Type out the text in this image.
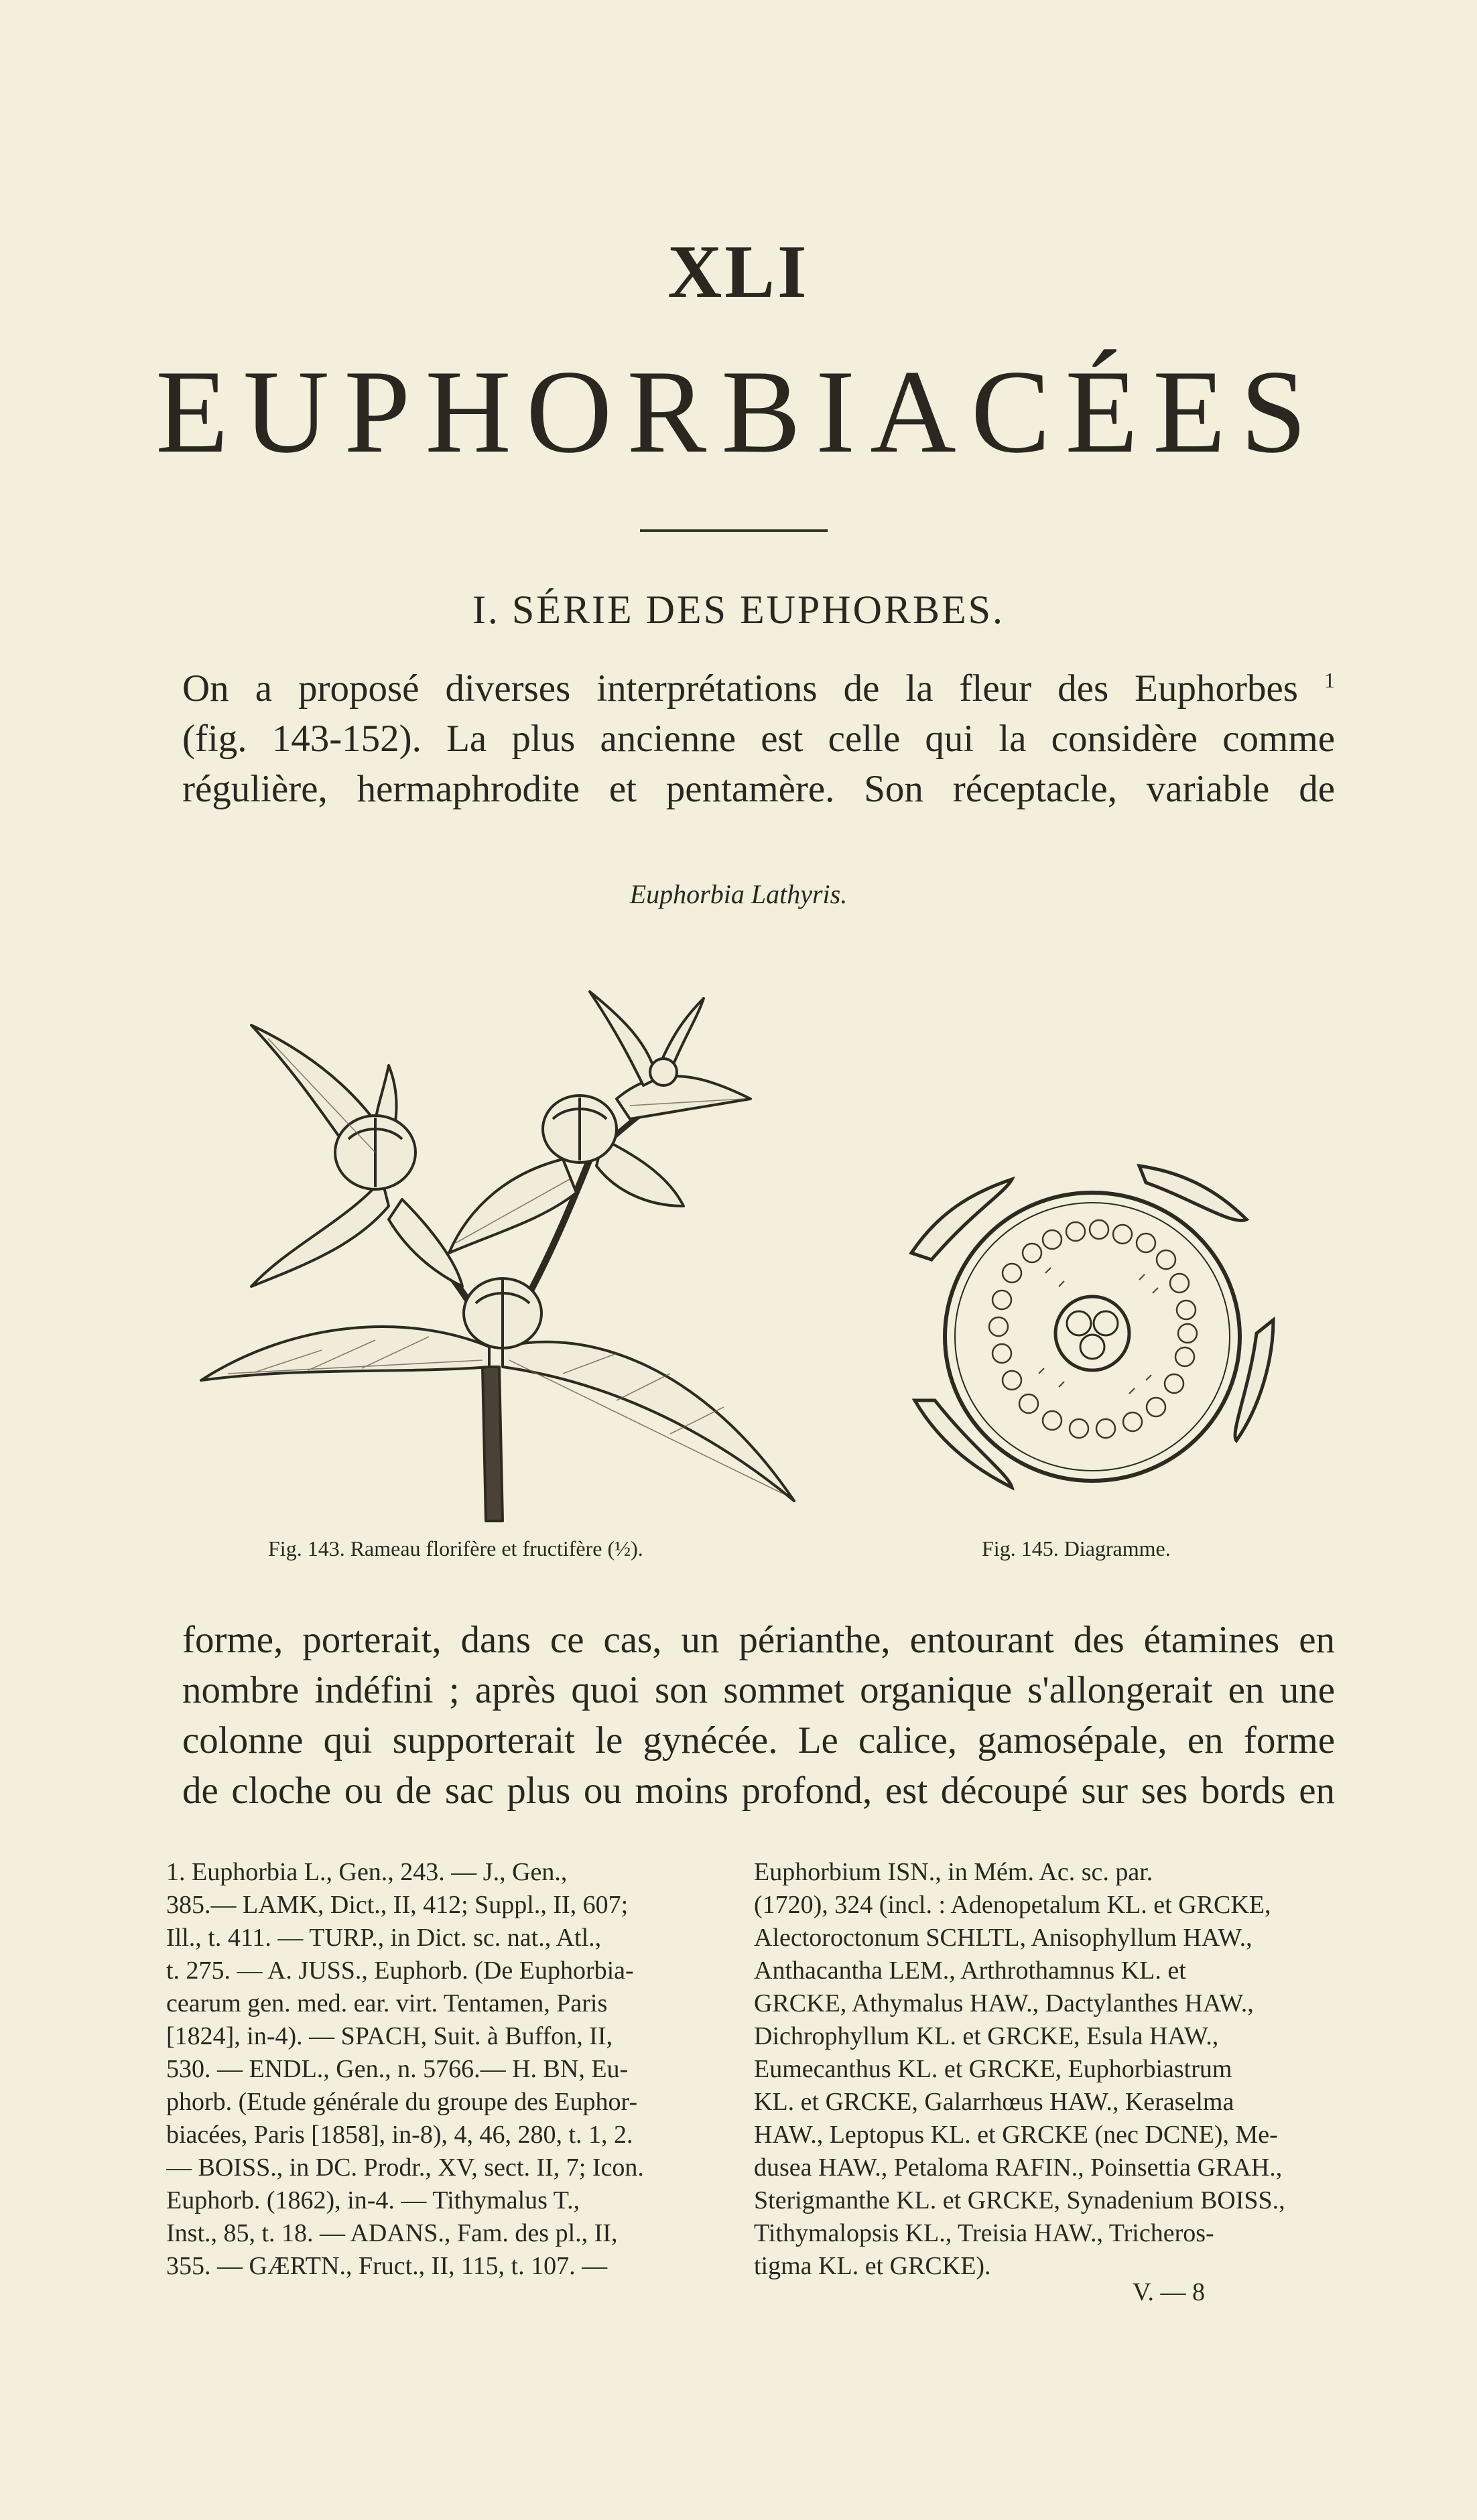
XLI
EUPHORBIACÉES
I. SÉRIE DES EUPHORBES.
On a proposé diverses interprétations de la fleur des Euphorbes $^1$
(fig. 143-152). La plus ancienne est celle qui la considère comme
régulière, hermaphrodite et pentamère. Son réceptacle, variable de
Euphorbia Lathyris.
Fig. 143. Rameau florifère et fructifère (½).	Fig. 145. Diagramme.
forme, porterait, dans ce cas, un périanthe, entourant des étamines en
nombre indéfini ; après quoi son sommet organique s'allongerait en une
colonne qui supporterait le gynécée. Le calice, gamosépale, en forme
de cloche ou de sac plus ou moins profond, est découpé sur ses bords en
1. Euphorbia L., Gen., 243. — J., Gen.,
385.— LAMK, Dict., II, 412; Suppl., II, 607;
Ill., t. 411. — TURP., in Dict. sc. nat., Atl.,
t. 275. — A. JUSS., Euphorb. (De Euphorbia-
cearum gen. med. ear. virt. Tentamen, Paris
[1824], in-4). — SPACH, Suit. à Buffon, II,
530. — ENDL., Gen., n. 5766.— H. BN, Eu-
phorb. (Etude générale du groupe des Euphor-
biacées, Paris [1858], in-8), 4, 46, 280, t. 1, 2.
— BOISS., in DC. Prodr., XV, sect. II, 7; Icon.
Euphorb. (1862), in-4. — Tithymalus T.,
Inst., 85, t. 18. — ADANS., Fam. des pl., II,
355. — GÆRTN., Fruct., II, 115, t. 107. —
Euphorbium ISN., in Mém. Ac. sc. par.
(1720), 324 (incl. : Adenopetalum KL. et GRCKE,
Alectoroctonum SCHLTL, Anisophyllum HAW.,
Anthacantha LEM., Arthrothamnus KL. et
GRCKE, Athymalus HAW., Dactylanthes HAW.,
Dichrophyllum KL. et GRCKE, Esula HAW.,
Eumecanthus KL. et GRCKE, Euphorbiastrum
KL. et GRCKE, Galarrhœus HAW., Keraselma
HAW., Leptopus KL. et GRCKE (nec DCNE), Me-
dusea HAW., Petaloma RAFIN., Poinsettia GRAH.,
Sterigmanthe KL. et GRCKE, Synadenium BOISS.,
Tithymalopsis KL., Treisia HAW., Tricheros-
tigma KL. et GRCKE).
V. — 8
